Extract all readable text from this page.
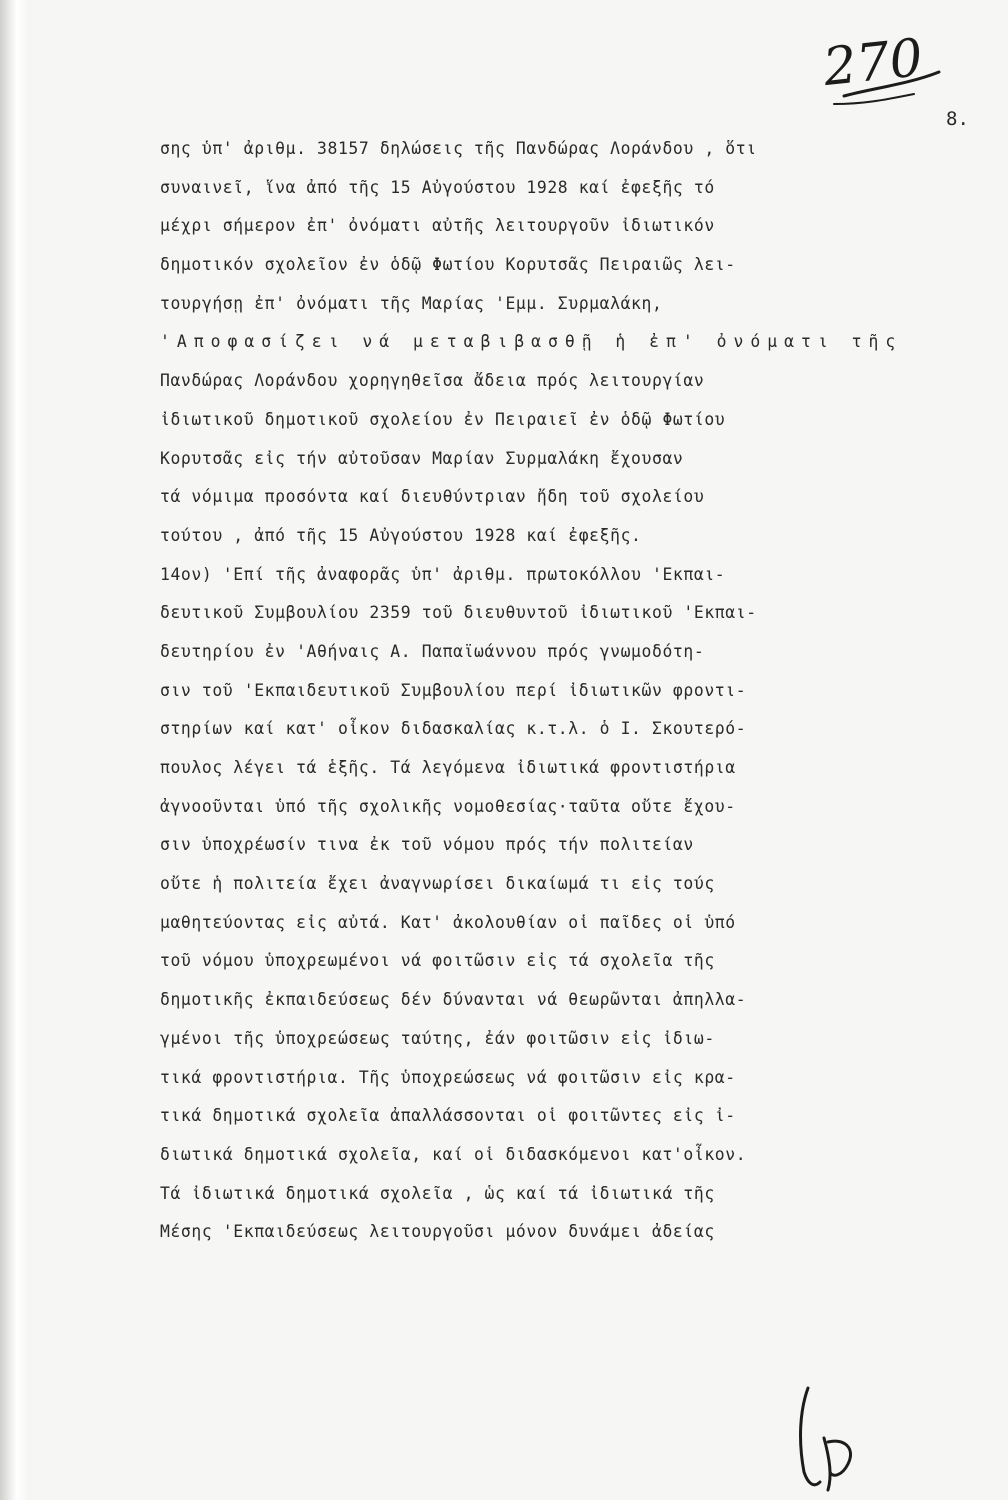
270
8.
σης ὑπ' ἀριθμ. 38157 δηλώσεις τῆς Πανδώρας Λοράνδου , ὅτι
συναινεῖ, ἵνα ἀπό τῆς 15 Αὐγούστου 1928 καί ἐφεξῆς τό
μέχρι σήμερον ἐπ' ὀνόματι αὐτῆς λειτουργοῦν ἰδιωτικόν
δημοτικόν σχολεῖον ἐν ὁδῷ Φωτίου Κορυτσᾶς Πειραιῶς λει-
τουργήσῃ ἐπ' ὀνόματι τῆς Μαρίας 'Εμμ. Συρμαλάκη,
'Αποφασίζει νά μεταβιβασθῇ ἡ ἐπ' ὀνόματι τῆς
Πανδώρας Λοράνδου χορηγηθεῖσα ἄδεια πρός λειτουργίαν
ἰδιωτικοῦ δημοτικοῦ σχολείου ἐν Πειραιεῖ ἐν ὁδῷ Φωτίου
Κορυτσᾶς εἰς τήν αὐτοῦσαν Μαρίαν Συρμαλάκη ἔχουσαν
τά νόμιμα προσόντα καί διευθύντριαν ἤδη τοῦ σχολείου
τούτου , ἀπό τῆς 15 Αὐγούστου 1928 καί ἐφεξῆς.
14ον) 'Επί τῆς ἀναφορᾶς ὑπ' ἀριθμ. πρωτοκόλλου 'Εκπαι-
δευτικοῦ Συμβουλίου 2359 τοῦ διευθυντοῦ ἰδιωτικοῦ 'Εκπαι-
δευτηρίου ἐν 'Αθήναις Α. Παπαϊωάννου πρός γνωμοδότη-
σιν τοῦ 'Εκπαιδευτικοῦ Συμβουλίου περί ἰδιωτικῶν φροντι-
στηρίων καί κατ' οἶκον διδασκαλίας κ.τ.λ. ὁ Ι. Σκουτερό-
πουλος λέγει τά ἑξῆς. Τά λεγόμενα ἰδιωτικά φροντιστήρια
ἀγνοοῦνται ὑπό τῆς σχολικῆς νομοθεσίας·ταῦτα οὔτε ἔχου-
σιν ὑποχρέωσίν τινα ἐκ τοῦ νόμου πρός τήν πολιτείαν
οὔτε ἡ πολιτεία ἔχει ἀναγνωρίσει δικαίωμά τι εἰς τούς
μαθητεύοντας εἰς αὐτά. Κατ' ἀκολουθίαν οἱ παῖδες οἱ ὑπό
τοῦ νόμου ὑποχρεωμένοι νά φοιτῶσιν εἰς τά σχολεῖα τῆς
δημοτικῆς ἐκπαιδεύσεως δέν δύνανται νά θεωρῶνται ἀπηλλα-
γμένοι τῆς ὑποχρεώσεως ταύτης, ἐάν φοιτῶσιν εἰς ἰδιω-
τικά φροντιστήρια. Τῆς ὑποχρεώσεως νά φοιτῶσιν εἰς κρα-
τικά δημοτικά σχολεῖα ἀπαλλάσσονται οἱ φοιτῶντες εἰς ἰ-
διωτικά δημοτικά σχολεῖα, καί οἱ διδασκόμενοι κατ'οἶκον.
Τά ἰδιωτικά δημοτικά σχολεῖα , ὡς καί τά ἰδιωτικά τῆς
Μέσης 'Εκπαιδεύσεως λειτουργοῦσι μόνον δυνάμει ἀδείας
